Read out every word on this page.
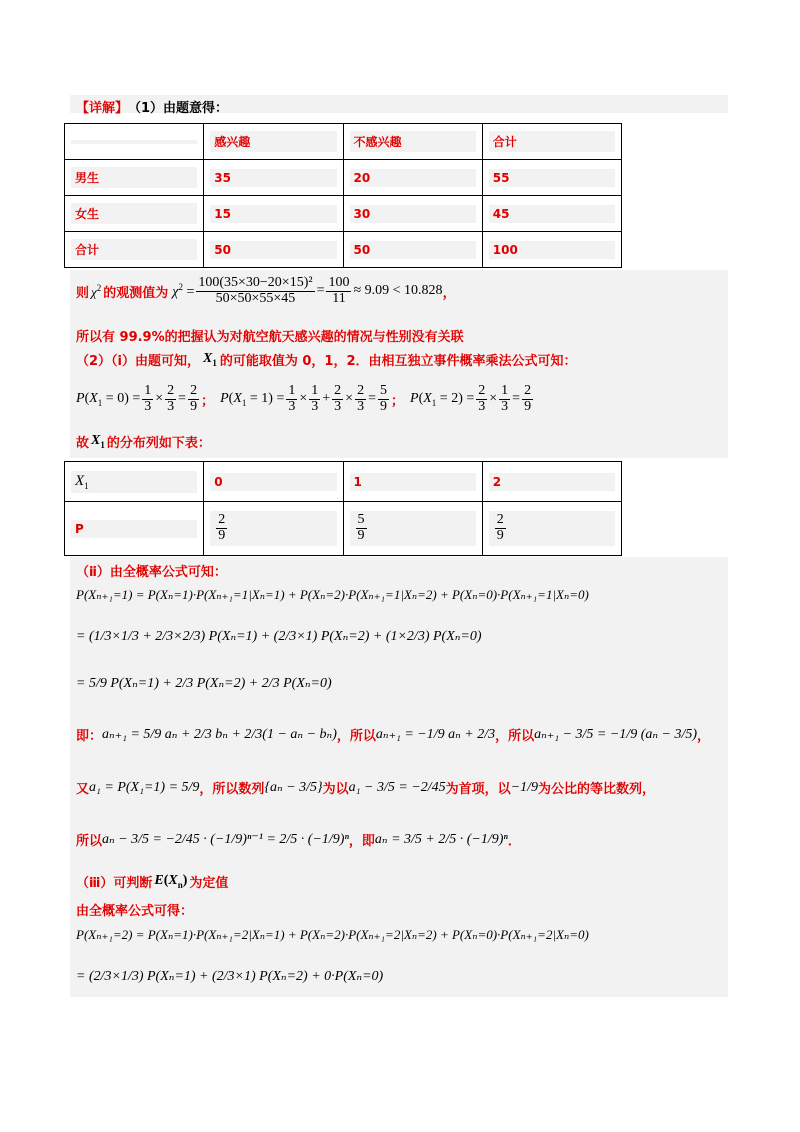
【详解】 （1）由题意得：

	感兴趣	不感兴趣	合计

男生	35	20	55

女生	15	30	45

合计	50	50	100
则 $\chi^2$ 的观测值为 $\chi^2 = \frac{\text{100(35×30−20×15)²}}{50\times 50\times 55\times 45} = \frac{100}{11} \approx 9.09 < 10.828$ ，
所以有 99.9%的把握认为对航空航天感兴趣的情况与性别没有关联
（2）（ⅰ）由题可知， $X_1$ 的可能取值为 0，1，2．由相互独立事件概率乘法公式可知：
$P(X_1 = 0) = \frac{1}{3} \times \frac{2}{3} = \frac{2}{9}$ ； $P(X_1 = 1) = \frac{1}{3} \times \frac{1}{3} + \frac{2}{3} \times \frac{2}{3} = \frac{5}{9}$ ； $P(X_1 = 2) = \frac{2}{3} \times \frac{1}{3} = \frac{2}{9}$
故 $X_1$ 的分布列如下表：
$X_1$	0	1	2

P	$\frac{2}{9}$	$\frac{5}{9}$	$\frac{2}{9}$
（ⅱ）由全概率公式可知：
P(Xₙ₊₁=1) = P(Xₙ=1)·P(Xₙ₊₁=1|Xₙ=1) + P(Xₙ=2)·P(Xₙ₊₁=1|Xₙ=2) + P(Xₙ=0)·P(Xₙ₊₁=1|Xₙ=0)
= (1/3×1/3 + 2/3×2/3) P(Xₙ=1) + (2/3×1) P(Xₙ=2) + (1×2/3) P(Xₙ=0)
= 5/9 P(Xₙ=1) + 2/3 P(Xₙ=2) + 2/3 P(Xₙ=0)
即： aₙ₊₁ = 5/9 aₙ + 2/3 bₙ + 2/3(1 − aₙ − bₙ) ，所以 aₙ₊₁ = −1/9 aₙ + 2/3 ，所以 aₙ₊₁ − 3/5 = −1/9 (aₙ − 3/5) ，
又 a₁ = P(X₁=1) = 5/9 ，所以数列 {aₙ − 3/5} 为以 a₁ − 3/5 = −2/45 为首项，以 −1/9 为公比的等比数列，
所以 aₙ − 3/5 = −2/45 · (−1/9)ⁿ⁻¹ = 2/5 · (−1/9)ⁿ ，即 aₙ = 3/5 + 2/5 · (−1/9)ⁿ ．
（ⅲ）可判断 $E(X_n)$ 为定值
由全概率公式可得：
P(Xₙ₊₁=2) = P(Xₙ=1)·P(Xₙ₊₁=2|Xₙ=1) + P(Xₙ=2)·P(Xₙ₊₁=2|Xₙ=2) + P(Xₙ=0)·P(Xₙ₊₁=2|Xₙ=0)
= (2/3×1/3) P(Xₙ=1) + (2/3×1) P(Xₙ=2) + 0·P(Xₙ=0)
